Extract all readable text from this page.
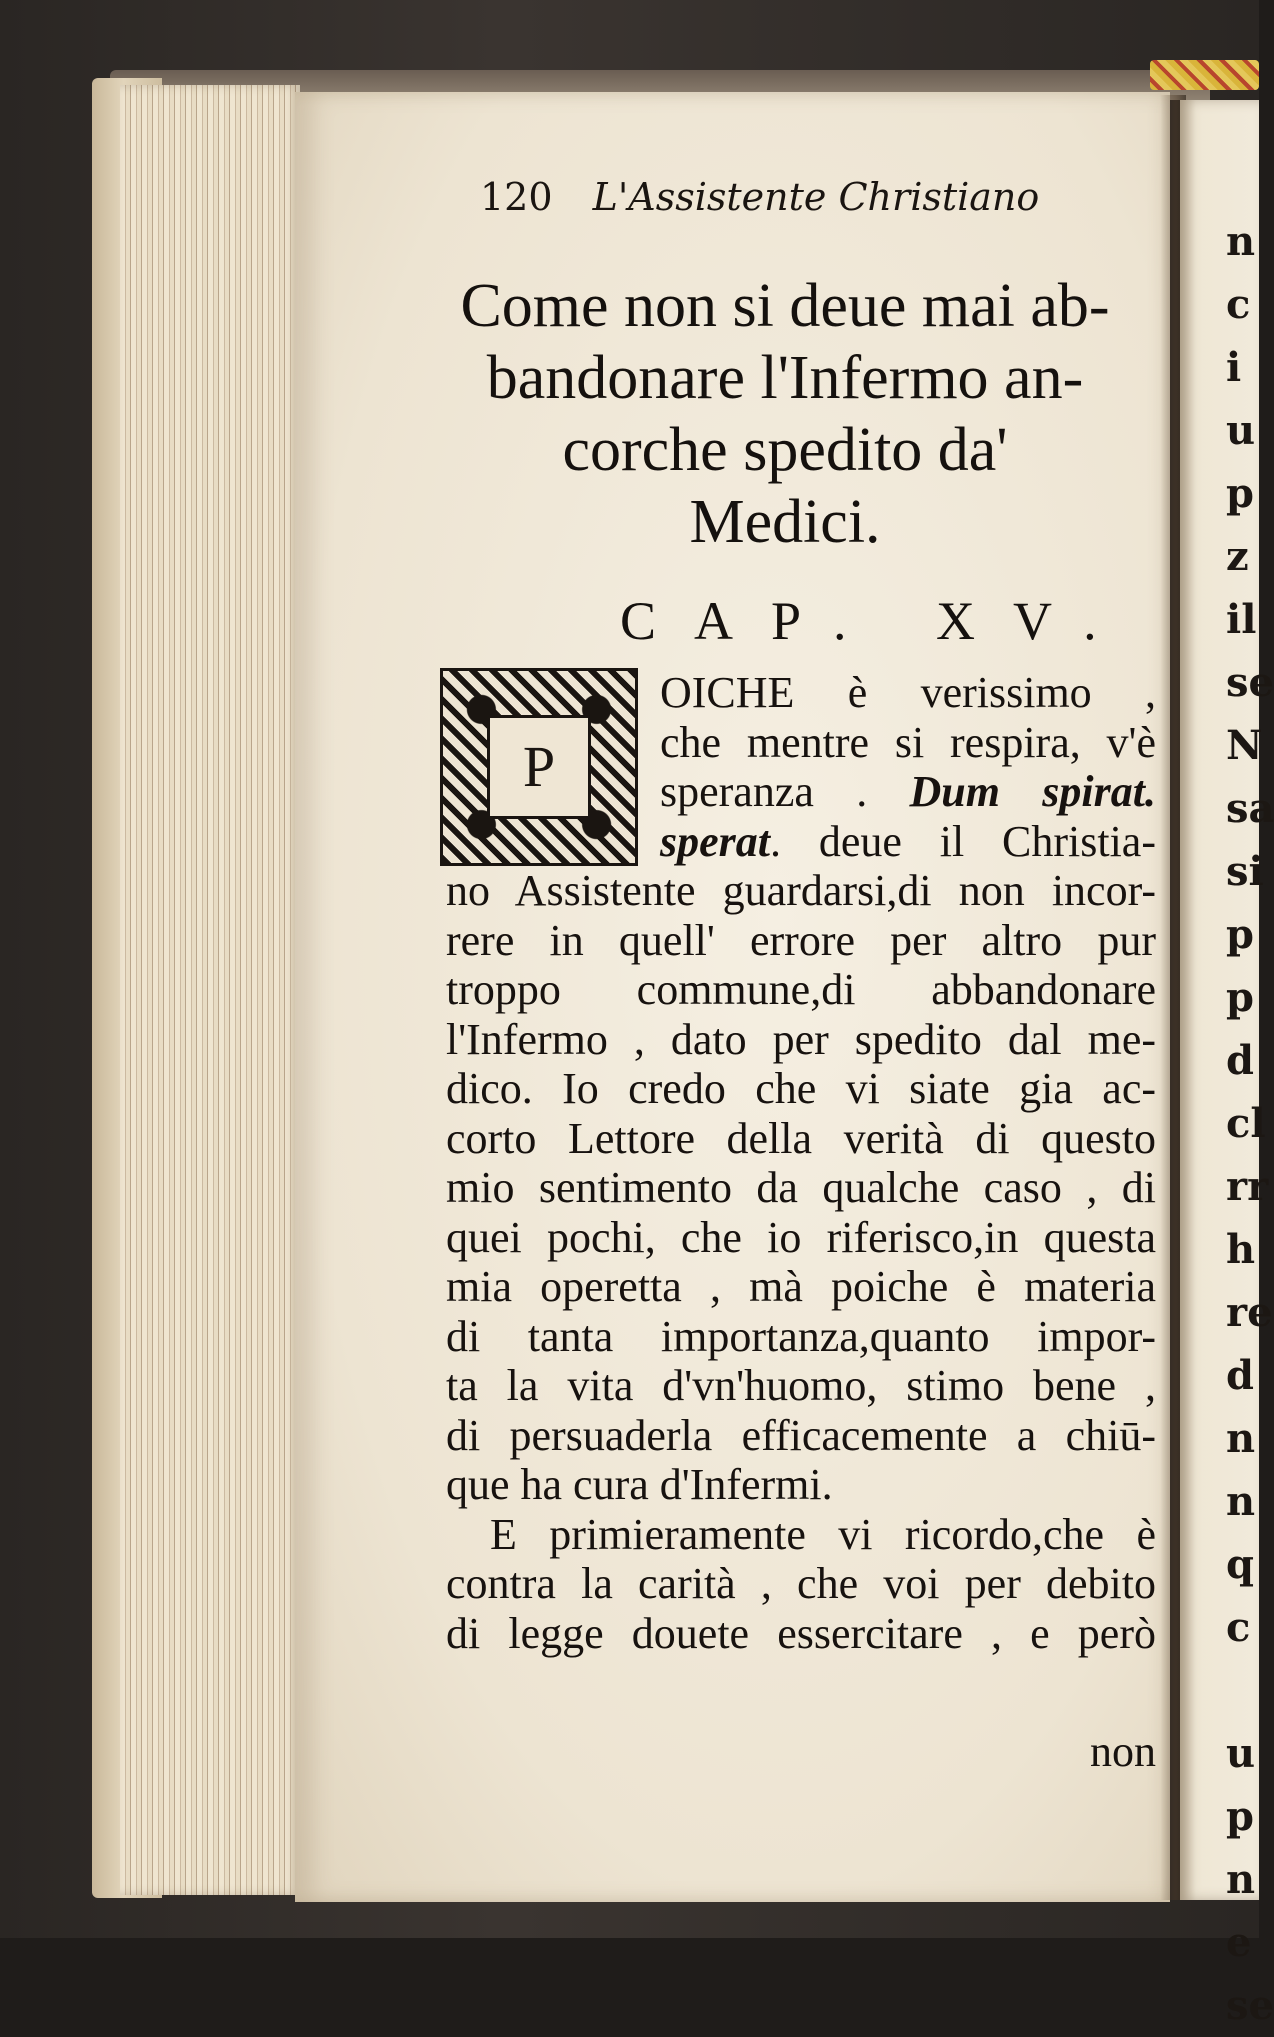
n
c
i
u
p
z
il
se
N
sa
si
p
p
d
cl
rr
h
re
d
n
n
q
c
u
p
n
e
se
120 L'Assistente Christiano
Come non si deue mai ab-
bandonare l'Infermo an-
corche spedito da'
Medici.
CAP. XV.
P
OICHE è verissimo ,
che mentre si respira, v'è
speranza . Dum spirat.
sperat. deue il Christia-
no Assistente guardarsi,di non incor-
rere in quell' errore per altro pur
troppo commune,di abbandonare
l'Infermo , dato per spedito dal me-
dico. Io credo che vi siate gia ac-
corto Lettore della verità di questo
mio sentimento da qualche caso , di
quei pochi, che io riferisco,in questa
mia operetta , mà poiche è materia
di tanta importanza,quanto impor-
ta la vita d'vn'huomo, stimo bene ,
di persuaderla efficacemente a chiū-
que ha cura d'Infermi.
E primieramente vi ricordo,che è
contra la carità , che voi per debito
di legge douete essercitare , e però
non
